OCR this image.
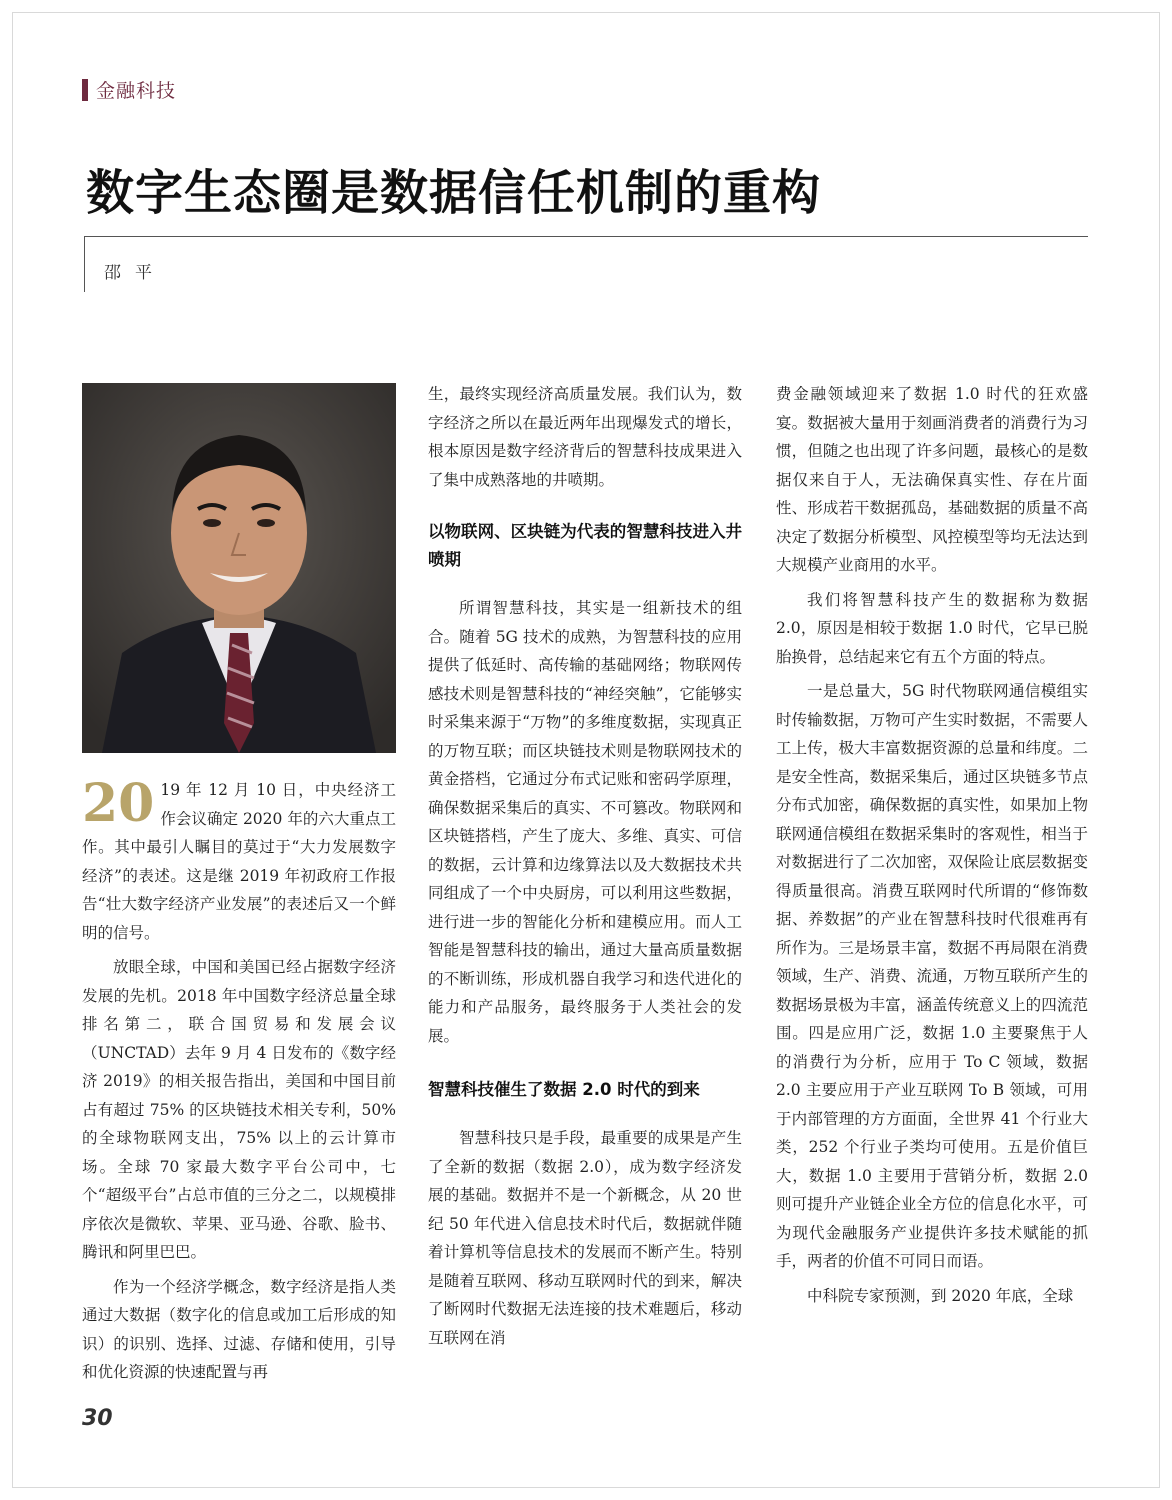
金融科技
数字生态圈是数据信任机制的重构
邵平

20 19 年 12 月 10 日，中央经济工作会议确定 2020 年的六大重点工作。其中最引人瞩目的莫过于“大力发展数字经济”的表述。这是继 2019 年初政府工作报告“壮大数字经济产业发展”的表述后又一个鲜明的信号。

放眼全球，中国和美国已经占据数字经济发展的先机。2018 年中国数字经济总量全球排名第二，联合国贸易和发展会议（UNCTAD）去年 9 月 4 日发布的《数字经济 2019》的相关报告指出，美国和中国目前占有超过 75% 的区块链技术相关专利，50% 的全球物联网支出，75% 以上的云计算市场。全球 70 家最大数字平台公司中，七个“超级平台”占总市值的三分之二，以规模排序依次是微软、苹果、亚马逊、谷歌、脸书、腾讯和阿里巴巴。

作为一个经济学概念，数字经济是指人类通过大数据（数字化的信息或加工后形成的知识）的识别、选择、过滤、存储和使用，引导和优化资源的快速配置与再

生，最终实现经济高质量发展。我们认为，数字经济之所以在最近两年出现爆发式的增长，根本原因是数字经济背后的智慧科技成果进入了集中成熟落地的井喷期。

以物联网、区块链为代表的智慧科技进入井喷期

所谓智慧科技，其实是一组新技术的组合。随着 5G 技术的成熟，为智慧科技的应用提供了低延时、高传输的基础网络；物联网传感技术则是智慧科技的“神经突触”，它能够实时采集来源于“万物”的多维度数据，实现真正的万物互联；而区块链技术则是物联网技术的黄金搭档，它通过分布式记账和密码学原理，确保数据采集后的真实、不可篡改。物联网和区块链搭档，产生了庞大、多维、真实、可信的数据，云计算和边缘算法以及大数据技术共同组成了一个中央厨房，可以利用这些数据，进行进一步的智能化分析和建模应用。而人工智能是智慧科技的输出，通过大量高质量数据的不断训练，形成机器自我学习和迭代进化的能力和产品服务，最终服务于人类社会的发展。

智慧科技催生了数据 2.0 时代的到来

智慧科技只是手段，最重要的成果是产生了全新的数据（数据 2.0），成为数字经济发展的基础。数据并不是一个新概念，从 20 世纪 50 年代进入信息技术时代后，数据就伴随着计算机等信息技术的发展而不断产生。特别是随着互联网、移动互联网时代的到来，解决了断网时代数据无法连接的技术难题后，移动互联网在消

费金融领域迎来了数据 1.0 时代的狂欢盛宴。数据被大量用于刻画消费者的消费行为习惯，但随之也出现了许多问题，最核心的是数据仅来自于人，无法确保真实性、存在片面性、形成若干数据孤岛，基础数据的质量不高决定了数据分析模型、风控模型等均无法达到大规模产业商用的水平。

我们将智慧科技产生的数据称为数据 2.0，原因是相较于数据 1.0 时代，它早已脱胎换骨，总结起来它有五个方面的特点。

一是总量大，5G 时代物联网通信模组实时传输数据，万物可产生实时数据，不需要人工上传，极大丰富数据资源的总量和纬度。二是安全性高，数据采集后，通过区块链多节点分布式加密，确保数据的真实性，如果加上物联网通信模组在数据采集时的客观性，相当于对数据进行了二次加密，双保险让底层数据变得质量很高。消费互联网时代所谓的“修饰数据、养数据”的产业在智慧科技时代很难再有所作为。三是场景丰富，数据不再局限在消费领域，生产、消费、流通，万物互联所产生的数据场景极为丰富，涵盖传统意义上的四流范围。四是应用广泛，数据 1.0 主要聚焦于人的消费行为分析，应用于 To C 领域，数据 2.0 主要应用于产业互联网 To B 领域，可用于内部管理的方方面面，全世界 41 个行业大类，252 个行业子类均可使用。五是价值巨大，数据 1.0 主要用于营销分析，数据 2.0 则可提升产业链企业全方位的信息化水平，可为现代金融服务产业提供许多技术赋能的抓手，两者的价值不可同日而语。

中科院专家预测，到 2020 年底，全球

30
